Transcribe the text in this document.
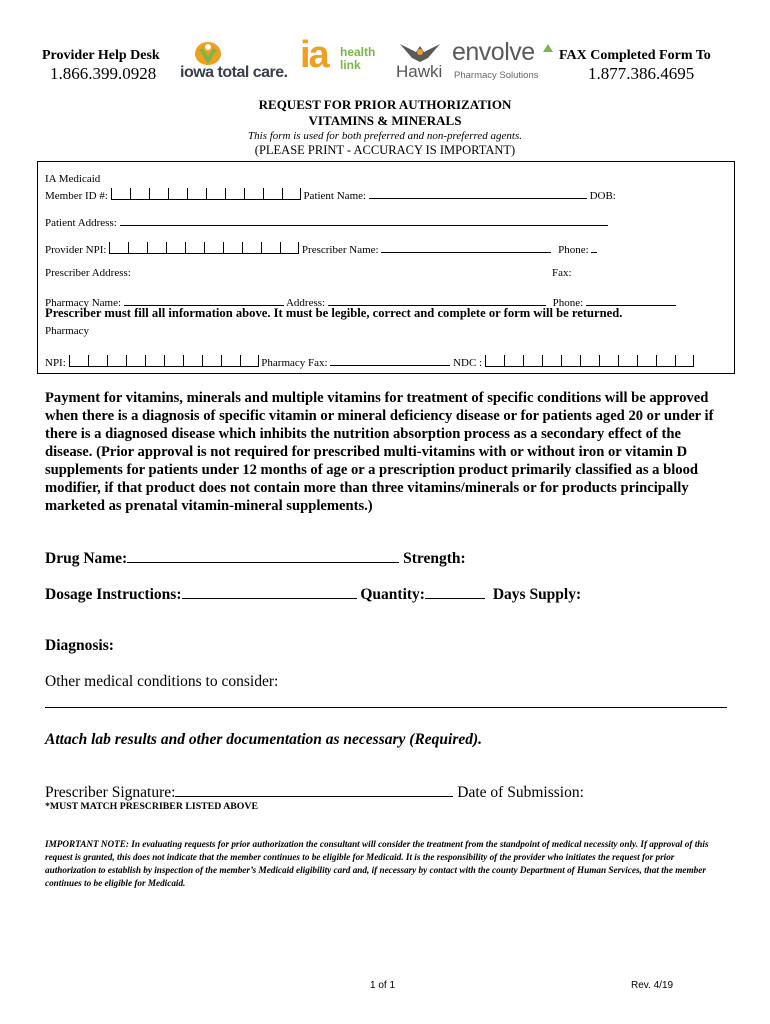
Provider Help Desk
1.866.399.0928 iowa total care. ia health link	Hawki
envolve
Pharmacy Solutions
FAX Completed Form To
1.877.386.4695
REQUEST FOR PRIOR AUTHORIZATION
VITAMINS & MINERALS
This form is used for both preferred and non-preferred agents.
(PLEASE PRINT - ACCURACY IS IMPORTANT)
IA Medicaid
Member ID #:	Patient Name:	DOB:
Patient Address:
Provider NPI:	Prescriber Name:	Phone:
Prescriber Address:	Fax:
Pharmacy Name:	Address:	Phone:
Prescriber must fill all information above. It must be legible, correct and complete or form will be returned.
Pharmacy
NPI:	Pharmacy Fax:	NDC :
Payment for vitamins, minerals and multiple vitamins for treatment of specific conditions will be approved when there is a diagnosis of specific vitamin or mineral deficiency disease or for patients aged 20 or under if there is a diagnosed disease which inhibits the nutrition absorption process as a secondary effect of the disease. (Prior approval is not required for prescribed multi-vitamins with or without iron or vitamin D supplements for patients under 12 months of age or a prescription product primarily classified as a blood modifier, if that product does not contain more than three vitamins/minerals or for products principally marketed as prenatal vitamin-mineral supplements.)
Drug Name:	Strength:
Dosage Instructions:	Quantity:	Days Supply:
Diagnosis:
Other medical conditions to consider:
Attach lab results and other documentation as necessary (Required).
Prescriber Signature:	Date of Submission:
*MUST MATCH PRESCRIBER LISTED ABOVE
IMPORTANT NOTE: In evaluating requests for prior authorization the consultant will consider the treatment from the standpoint of medical necessity only. If approval of this request is granted, this does not indicate that the member continues to be eligible for Medicaid. It is the responsibility of the provider who initiates the request for prior authorization to establish by inspection of the member’s Medicaid eligibility card and, if necessary by contact with the county Department of Human Services, that the member continues to be eligible for Medicaid.
1 of 1	Rev. 4/19
